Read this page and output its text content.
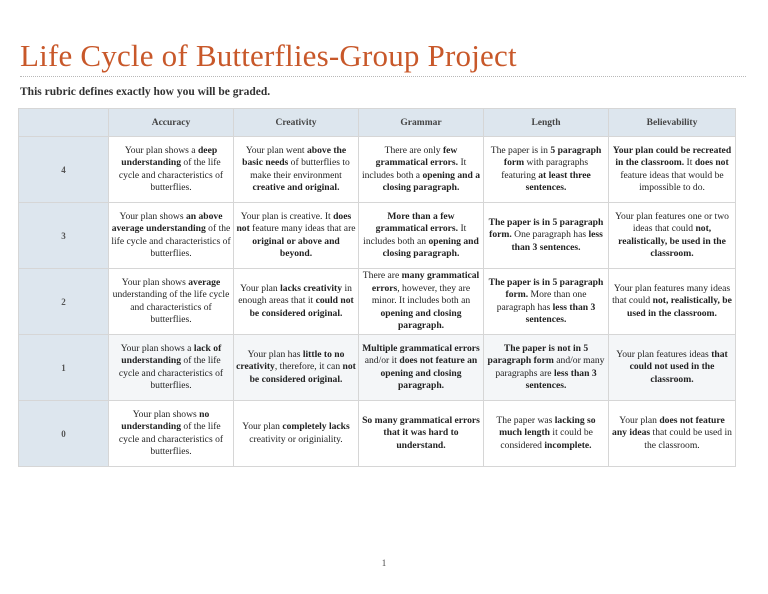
Life Cycle of Butterflies-Group Project
This rubric defines exactly how you will be graded.
	Accuracy	Creativity	Grammar	Length	Believability
4	Your plan shows a deep understanding of the life cycle and characteristics of butterflies.	Your plan went above the basic needs of butterflies to make their environment creative and original.	There are only few grammatical errors. It includes both a opening and a closing paragraph.	The paper is in 5 paragraph form with paragraphs featuring at least three sentences.	Your plan could be recreated in the classroom. It does not feature ideas that would be impossible to do.
3	Your plan shows an above average understanding of the life cycle and characteristics of butterflies.	Your plan is creative. It does not feature many ideas that are original or above and beyond.	More than a few grammatical errors. It includes both an opening and closing paragraph.	The paper is in 5 paragraph form. One paragraph has less than 3 sentences.	Your plan features one or two ideas that could not, realistically, be used in the classroom.
2	Your plan shows average understanding of the life cycle and characteristics of butterflies.	Your plan lacks creativity in enough areas that it could not be considered original.	There are many grammatical errors, however, they are minor. It includes both an opening and closing paragraph.	The paper is in 5 paragraph form. More than one paragraph has less than 3 sentences.	Your plan features many ideas that could not, realistically, be used in the classroom.
1	Your plan shows a lack of understanding of the life cycle and characteristics of butterflies.	Your plan has little to no creativity, therefore, it can not be considered original.	Multiple grammatical errors and/or it does not feature an opening and closing paragraph.	The paper is not in 5 paragraph form and/or many paragraphs are less than 3 sentences.	Your plan features ideas that could not used in the classroom.
0	Your plan shows no understanding of the life cycle and characteristics of butterflies.	Your plan completely lacks creativity or originiality.	So many grammatical errors that it was hard to understand.	The paper was lacking so much length it could be considered incomplete.	Your plan does not feature any ideas that could be used in the classroom.
1
